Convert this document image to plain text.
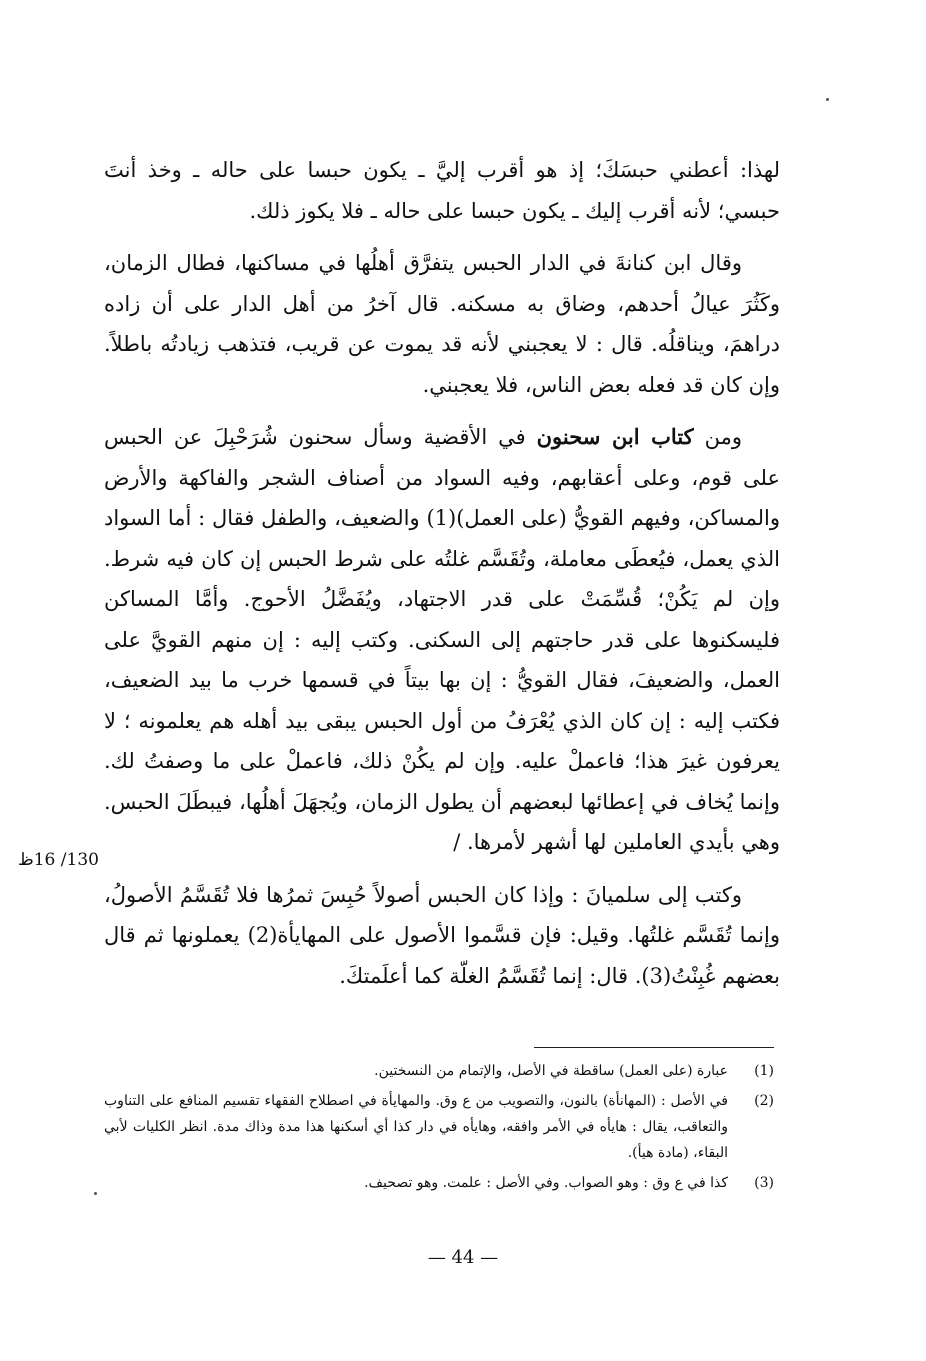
لهذا: أعطني حبسَكَ؛ إذ هو أقرب إليَّ ـ يكون حبسا على حاله ـ وخذ أنتَ حبسي؛ لأنه أقرب إليك ـ يكون حبسا على حاله ـ فلا يكوز ذلك.

وقال ابن كنانةَ في الدار الحبس يتفرَّق أهلُها في مساكنها، فطال الزمان، وكَثُرَ عيالُ أحدهم، وضاق به مسكنه. قال آخرُ من أهل الدار على أن زاده دراهمَ، ويناقلُه. قال : لا يعجبني لأنه قد يموت عن قريب، فتذهب زيادتُه باطلاً. وإن كان قد فعله بعض الناس، فلا يعجبني.

ومن كتاب ابن سحنون في الأقضية وسأل سحنون شُرَحْبِلَ عن الحبس على قوم، وعلى أعقابهم، وفيه السواد من أصناف الشجر والفاكهة والأرض والمساكن، وفيهم القويُّ (على العمل)(1) والضعيف، والطفل فقال : أما السواد الذي يعمل، فيُعطَى معاملة، وتُقَسَّم غلتُه على شرط الحبس إن كان فيه شرط. وإن لم يَكُنْ؛ قُسِّمَتْ على قدر الاجتهاد، ويُفَضَّلُ الأحوج. وأمَّا المساكن فليسكنوها على قدر حاجتهم إلى السكنى. وكتب إليه : إن منهم القويَّ على العمل، والضعيفَ، فقال القويُّ : إن بها بيتاً في قسمها خرب ما بيد الضعيف، فكتب إليه : إن كان الذي يُعْرَفُ من أول الحبس يبقى بيد أهله هم يعلمونه ؛ لا يعرفون غيرَ هذا؛ فاعملْ عليه. وإن لم يكُنْ ذلك، فاعملْ على ما وصفتُ لك. وإنما يُخاف في إعطائها لبعضهم أن يطول الزمان، ويُجهَلَ أهلُها، فيبطَلَ الحبس. وهي بأيدي العاملين لها أشهر لأمرها. /

وكتب إلى سلميانَ : وإذا كان الحبس أصولاً حُبِسَ ثمرُها فلا تُقَسَّمُ الأصولُ، وإنما تُقَسَّم غلتُها. وقيل: فإن قسَّموا الأصول على المهايأة(2) يعملونها ثم قال بعضهم غُبِنْتُ(3). قال: إنما تُقَسَّمُ الغلّة كما أعلَمتكَ.

130/ 16ظ
(1)
عبارة (على العمل) ساقطة في الأصل، والإتمام من النسختين.
(2)
في الأصل : (المهانأة) بالنون، والتصويب من ع وق. والمهايأة في اصطلاح الفقهاء تقسيم المنافع على التناوب والتعاقب، يقال : هايأه في الأمر وافقه، وهايأه في دار كذا أي أسكنها هذا مدة وذاك مدة. انظر الكليات لأبي البقاء، (مادة هيأ).
(3)
كذا في ع وق : وهو الصواب. وفي الأصل : علمت. وهو تصحيف.
— 44 —
